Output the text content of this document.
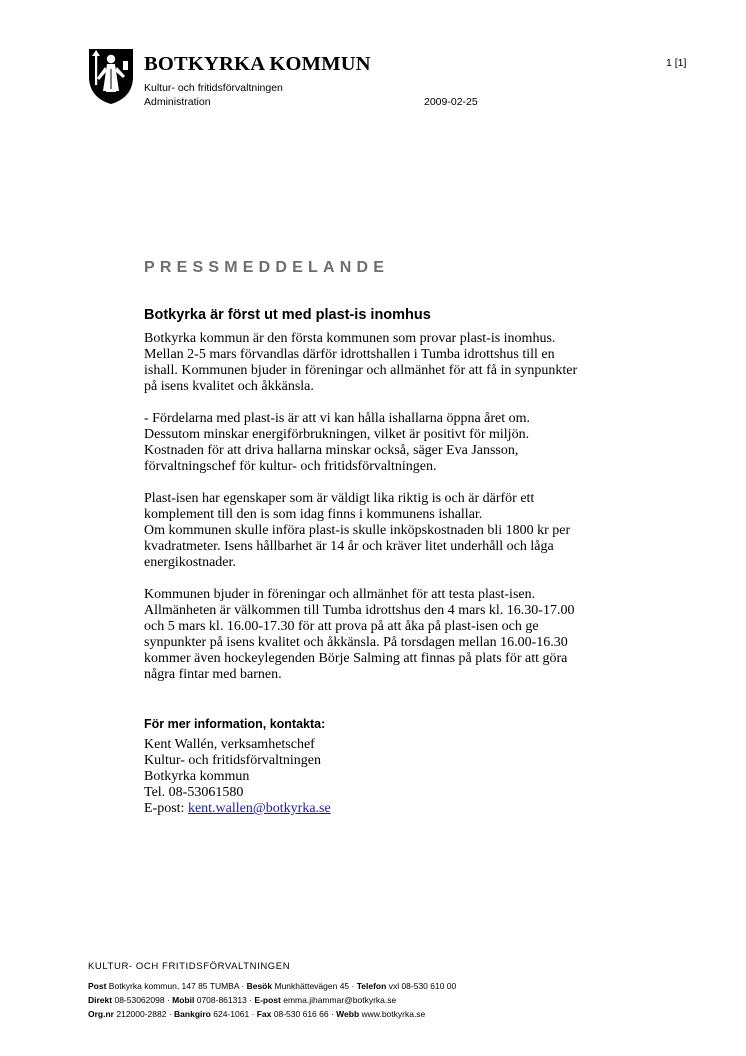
BOTKYRKA KOMMUN
Kultur- och fritidsförvaltningen
Administration	2009-02-25
1 [1]
PRESSMEDDELANDE
Botkyrka är först ut med plast-is inomhus
Botkyrka kommun är den första kommunen som provar plast-is inomhus.
Mellan 2-5 mars förvandlas därför idrottshallen i Tumba idrottshus till en
ishall. Kommunen bjuder in föreningar och allmänhet för att få in synpunkter
på isens kvalitet och åkkänsla.
- Fördelarna med plast-is är att vi kan hålla ishallarna öppna året om.
Dessutom minskar energiförbrukningen, vilket är positivt för miljön.
Kostnaden för att driva hallarna minskar också, säger Eva Jansson,
förvaltningschef för kultur- och fritidsförvaltningen.
Plast-isen har egenskaper som är väldigt lika riktig is och är därför ett
komplement till den is som idag finns i kommunens ishallar.
Om kommunen skulle införa plast-is skulle inköpskostnaden bli 1800 kr per
kvadratmeter. Isens hållbarhet är 14 år och kräver litet underhåll och låga
energikostnader.
Kommunen bjuder in föreningar och allmänhet för att testa plast-isen.
Allmänheten är välkommen till Tumba idrottshus den 4 mars kl. 16.30-17.00
och 5 mars kl. 16.00-17.30 för att prova på att åka på plast-isen och ge
synpunkter på isens kvalitet och åkkänsla. På torsdagen mellan 16.00-16.30
kommer även hockeylegenden Börje Salming att finnas på plats för att göra
några fintar med barnen.
För mer information, kontakta:
Kent Wallén, verksamhetschef
Kultur- och fritidsförvaltningen
Botkyrka kommun
Tel. 08-53061580
E-post: kent.wallen@botkyrka.se
KULTUR- OCH FRITIDSFÖRVALTNINGEN
Post Botkyrka kommun, 147 85 TUMBA · Besök Munkhättevägen 45 · Telefon vxl 08-530 610 00
Direkt 08-53062098 · Mobil 0708-861313 · E-post emma.jihammar@botkyrka.se
Org.nr 212000-2882 · Bankgiro 624-1061 · Fax 08-530 616 66 · Webb www.botkyrka.se
